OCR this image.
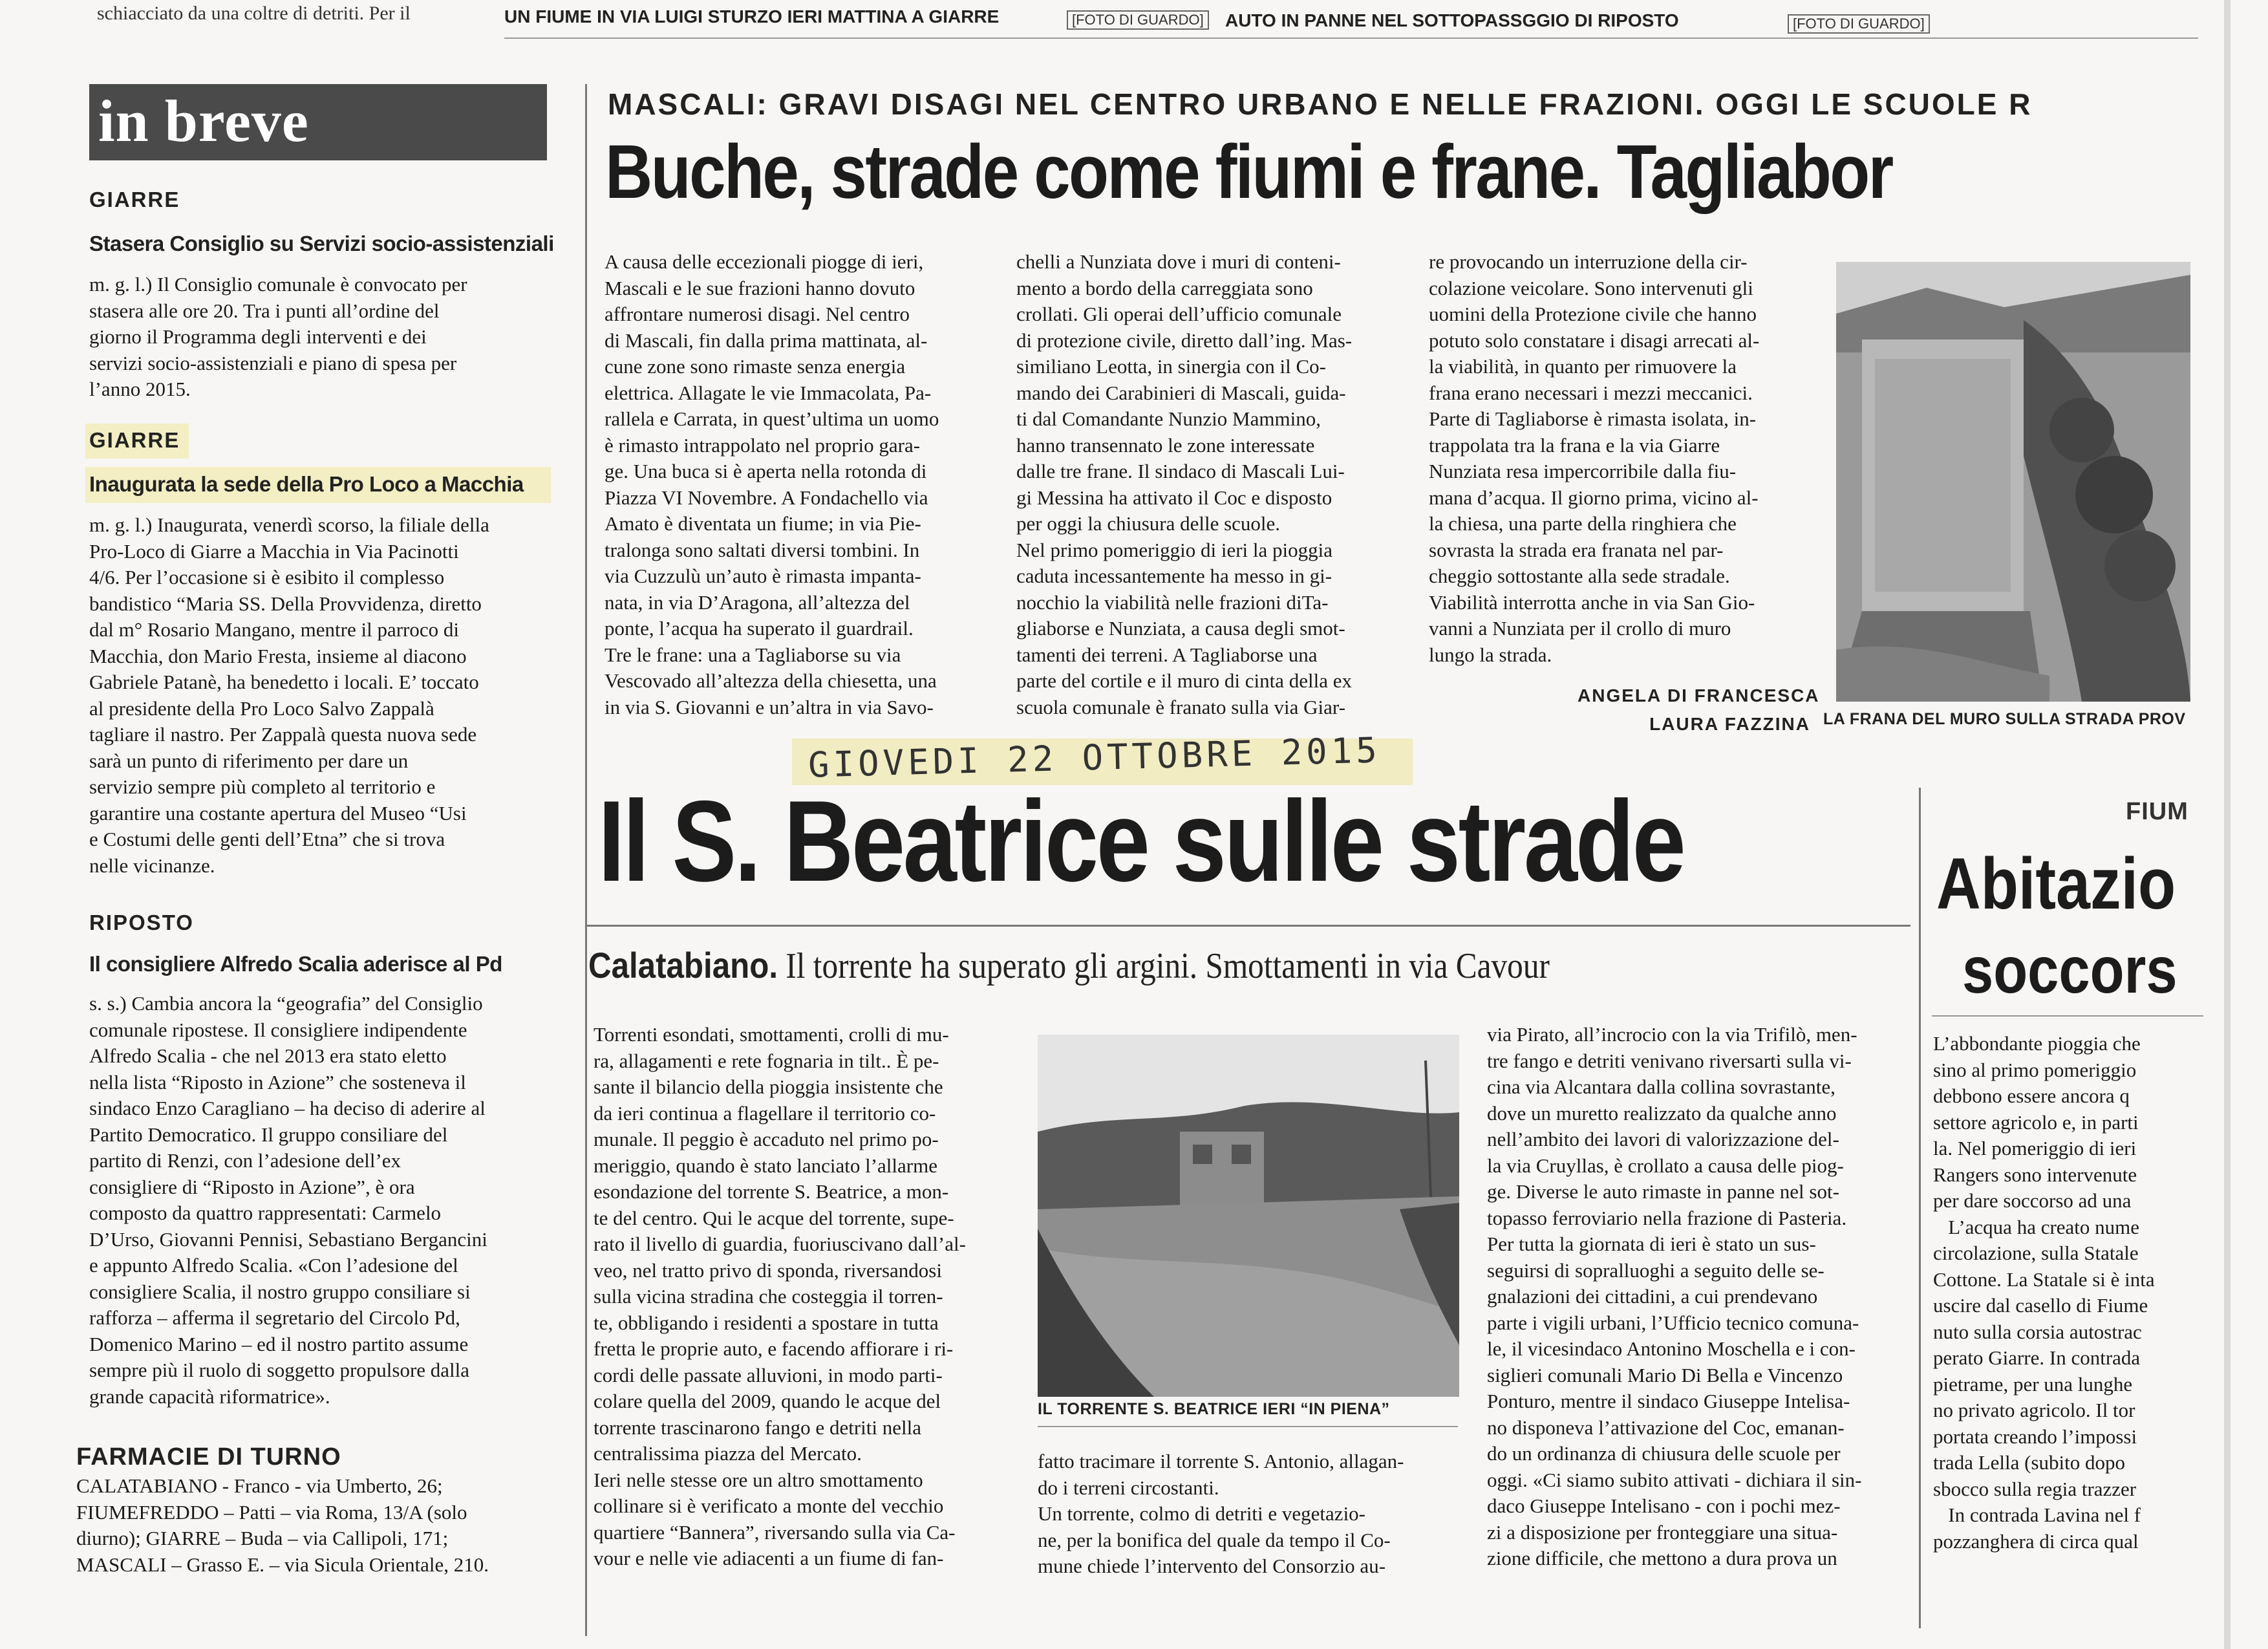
schiacciato da una coltre di detriti. Per il	UN FIUME IN VIA LUIGI STURZO IERI MATTINA A GIARRE	[FOTO DI GUARDO] AUTO IN PANNE NEL SOTTOPASSGGIO DI RIPOSTO	[FOTO DI GUARDO]
in breve
GIARRE
Stasera Consiglio su Servizi socio-assistenziali

m. g. l.) Il Consiglio comunale è convocato per
stasera alle ore 20. Tra i punti all’ordine del
giorno il Programma degli interventi e dei
servizi socio-assistenziali e piano di spesa per
l’anno 2015.

GIARRE
Inaugurata la sede della Pro Loco a Macchia

m. g. l.) Inaugurata, venerdì scorso, la filiale della
Pro-Loco di Giarre a Macchia in Via Pacinotti
4/6. Per l’occasione si è esibito il complesso
bandistico “Maria SS. Della Provvidenza, diretto
dal m° Rosario Mangano, mentre il parroco di
Macchia, don Mario Fresta, insieme al diacono
Gabriele Patanè, ha benedetto i locali. E’ toccato
al presidente della Pro Loco Salvo Zappalà
tagliare il nastro. Per Zappalà questa nuova sede
sarà un punto di riferimento per dare un
servizio sempre più completo al territorio e
garantire una costante apertura del Museo “Usi
e Costumi delle genti dell’Etna” che si trova
nelle vicinanze.

RIPOSTO
Il consigliere Alfredo Scalia aderisce al Pd

s. s.) Cambia ancora la “geografia” del Consiglio
comunale ripostese. Il consigliere indipendente
Alfredo Scalia - che nel 2013 era stato eletto
nella lista “Riposto in Azione” che sosteneva il
sindaco Enzo Caragliano – ha deciso di aderire al
Partito Democratico. Il gruppo consiliare del
partito di Renzi, con l’adesione dell’ex
consigliere di “Riposto in Azione”, è ora
composto da quattro rappresentati: Carmelo
D’Urso, Giovanni Pennisi, Sebastiano Bergancini
e appunto Alfredo Scalia. «Con l’adesione del
consigliere Scalia, il nostro gruppo consiliare si
rafforza – afferma il segretario del Circolo Pd,
Domenico Marino – ed il nostro partito assume
sempre più il ruolo di soggetto propulsore dalla
grande capacità riformatrice».

FARMACIE DI TURNO

CALATABIANO - Franco - via Umberto, 26;
FIUMEFREDDO – Patti – via Roma, 13/A (solo
diurno); GIARRE – Buda – via Callipoli, 171;
MASCALI – Grasso E. – via Sicula Orientale, 210.

MASCALI: GRAVI DISAGI NEL CENTRO URBANO E NELLE FRAZIONI. OGGI LE SCUOLE R
Buche, strade come fiumi e frane. Tagliabor

A causa delle eccezionali piogge di ieri,
Mascali e le sue frazioni hanno dovuto
affrontare numerosi disagi. Nel centro
di Mascali, fin dalla prima mattinata, al-
cune zone sono rimaste senza energia
elettrica. Allagate le vie Immacolata, Pa-
rallela e Carrata, in quest’ultima un uomo
è rimasto intrappolato nel proprio gara-
ge. Una buca si è aperta nella rotonda di
Piazza VI Novembre. A Fondachello via
Amato è diventata un fiume; in via Pie-
tralonga sono saltati diversi tombini. In
via Cuzzulù un’auto è rimasta impanta-
nata, in via D’Aragona, all’altezza del
ponte, l’acqua ha superato il guardrail.
Tre le frane: una a Tagliaborse su via
Vescovado all’altezza della chiesetta, una
in via S. Giovanni e un’altra in via Savo-

chelli a Nunziata dove i muri di conteni-
mento a bordo della carreggiata sono
crollati. Gli operai dell’ufficio comunale
di protezione civile, diretto dall’ing. Mas-
similiano Leotta, in sinergia con il Co-
mando dei Carabinieri di Mascali, guida-
ti dal Comandante Nunzio Mammino,
hanno transennato le zone interessate
dalle tre frane. Il sindaco di Mascali Lui-
gi Messina ha attivato il Coc e disposto
per oggi la chiusura delle scuole.
Nel primo pomeriggio di ieri la pioggia
caduta incessantemente ha messo in gi-
nocchio la viabilità nelle frazioni diTa-
gliaborse e Nunziata, a causa degli smot-
tamenti dei terreni. A Tagliaborse una
parte del cortile e il muro di cinta della ex
scuola comunale è franato sulla via Giar-

re provocando un interruzione della cir-
colazione veicolare. Sono intervenuti gli
uomini della Protezione civile che hanno
potuto solo constatare i disagi arrecati al-
la viabilità, in quanto per rimuovere la
frana erano necessari i mezzi meccanici.
Parte di Tagliaborse è rimasta isolata, in-
trappolata tra la frana e la via Giarre
Nunziata resa impercorribile dalla fiu-
mana d’acqua. Il giorno prima, vicino al-
la chiesa, una parte della ringhiera che
sovrasta la strada era franata nel par-
cheggio sottostante alla sede stradale.
Viabilità interrotta anche in via San Gio-
vanni a Nunziata per il crollo di muro
lungo la strada.

ANGELA DI FRANCESCA
LAURA FAZZINA LA FRANA DEL MURO SULLA STRADA PROV
GIOVEDI 22 OTTOBRE 2015
Il S. Beatrice sulle strade
Calatabiano. Il torrente ha superato gli argini. Smottamenti in via Cavour

Torrenti esondati, smottamenti, crolli di mu-
ra, allagamenti e rete fognaria in tilt.. È pe-
sante il bilancio della pioggia insistente che
da ieri continua a flagellare il territorio co-
munale. Il peggio è accaduto nel primo po-
meriggio, quando è stato lanciato l’allarme
esondazione del torrente S. Beatrice, a mon-
te del centro. Qui le acque del torrente, supe-
rato il livello di guardia, fuoriuscivano dall’al-
veo, nel tratto privo di sponda, riversandosi
sulla vicina stradina che costeggia il torren-
te, obbligando i residenti a spostare in tutta
fretta le proprie auto, e facendo affiorare i ri-
cordi delle passate alluvioni, in modo parti-
colare quella del 2009, quando le acque del
torrente trascinarono fango e detriti nella
centralissima piazza del Mercato.
Ieri nelle stesse ore un altro smottamento
collinare si è verificato a monte del vecchio
quartiere “Bannera”, riversando sulla via Ca-
vour e nelle vie adiacenti a un fiume di fan-

IL TORRENTE S. BEATRICE IERI “IN PIENA”

fatto tracimare il torrente S. Antonio, allagan-
do i terreni circostanti.
Un torrente, colmo di detriti e vegetazio-
ne, per la bonifica del quale da tempo il Co-
mune chiede l’intervento del Consorzio au-

via Pirato, all’incrocio con la via Trifilò, men-
tre fango e detriti venivano riversarti sulla vi-
cina via Alcantara dalla collina sovrastante,
dove un muretto realizzato da qualche anno
nell’ambito dei lavori di valorizzazione del-
la via Cruyllas, è crollato a causa delle piog-
ge. Diverse le auto rimaste in panne nel sot-
topasso ferroviario nella frazione di Pasteria.
Per tutta la giornata di ieri è stato un sus-
seguirsi di sopralluoghi a seguito delle se-
gnalazioni dei cittadini, a cui prendevano
parte i vigili urbani, l’Ufficio tecnico comuna-
le, il vicesindaco Antonino Moschella e i con-
siglieri comunali Mario Di Bella e Vincenzo
Ponturo, mentre il sindaco Giuseppe Intelisa-
no disponeva l’attivazione del Coc, emanan-
do un ordinanza di chiusura delle scuole per
oggi. «Ci siamo subito attivati - dichiara il sin-
daco Giuseppe Intelisano - con i pochi mez-
zi a disposizione per fronteggiare una situa-
zione difficile, che mettono a dura prova un

FIUM
Abitazio
soccors

L’abbondante pioggia che
sino al primo pomeriggio
debbono essere ancora q
settore agricolo e, in parti
la. Nel pomeriggio di ieri
Rangers sono intervenute
per dare soccorso ad una
L’acqua ha creato nume
circolazione, sulla Statale
Cottone. La Statale si è inta
uscire dal casello di Fiume
nuto sulla corsia autostrac
perato Giarre. In contrada
pietrame, per una lunghe
no privato agricolo. Il tor
portata creando l’impossi
trada Lella (subito dopo
sbocco sulla regia trazzer
In contrada Lavina nel f
pozzanghera di circa qual
